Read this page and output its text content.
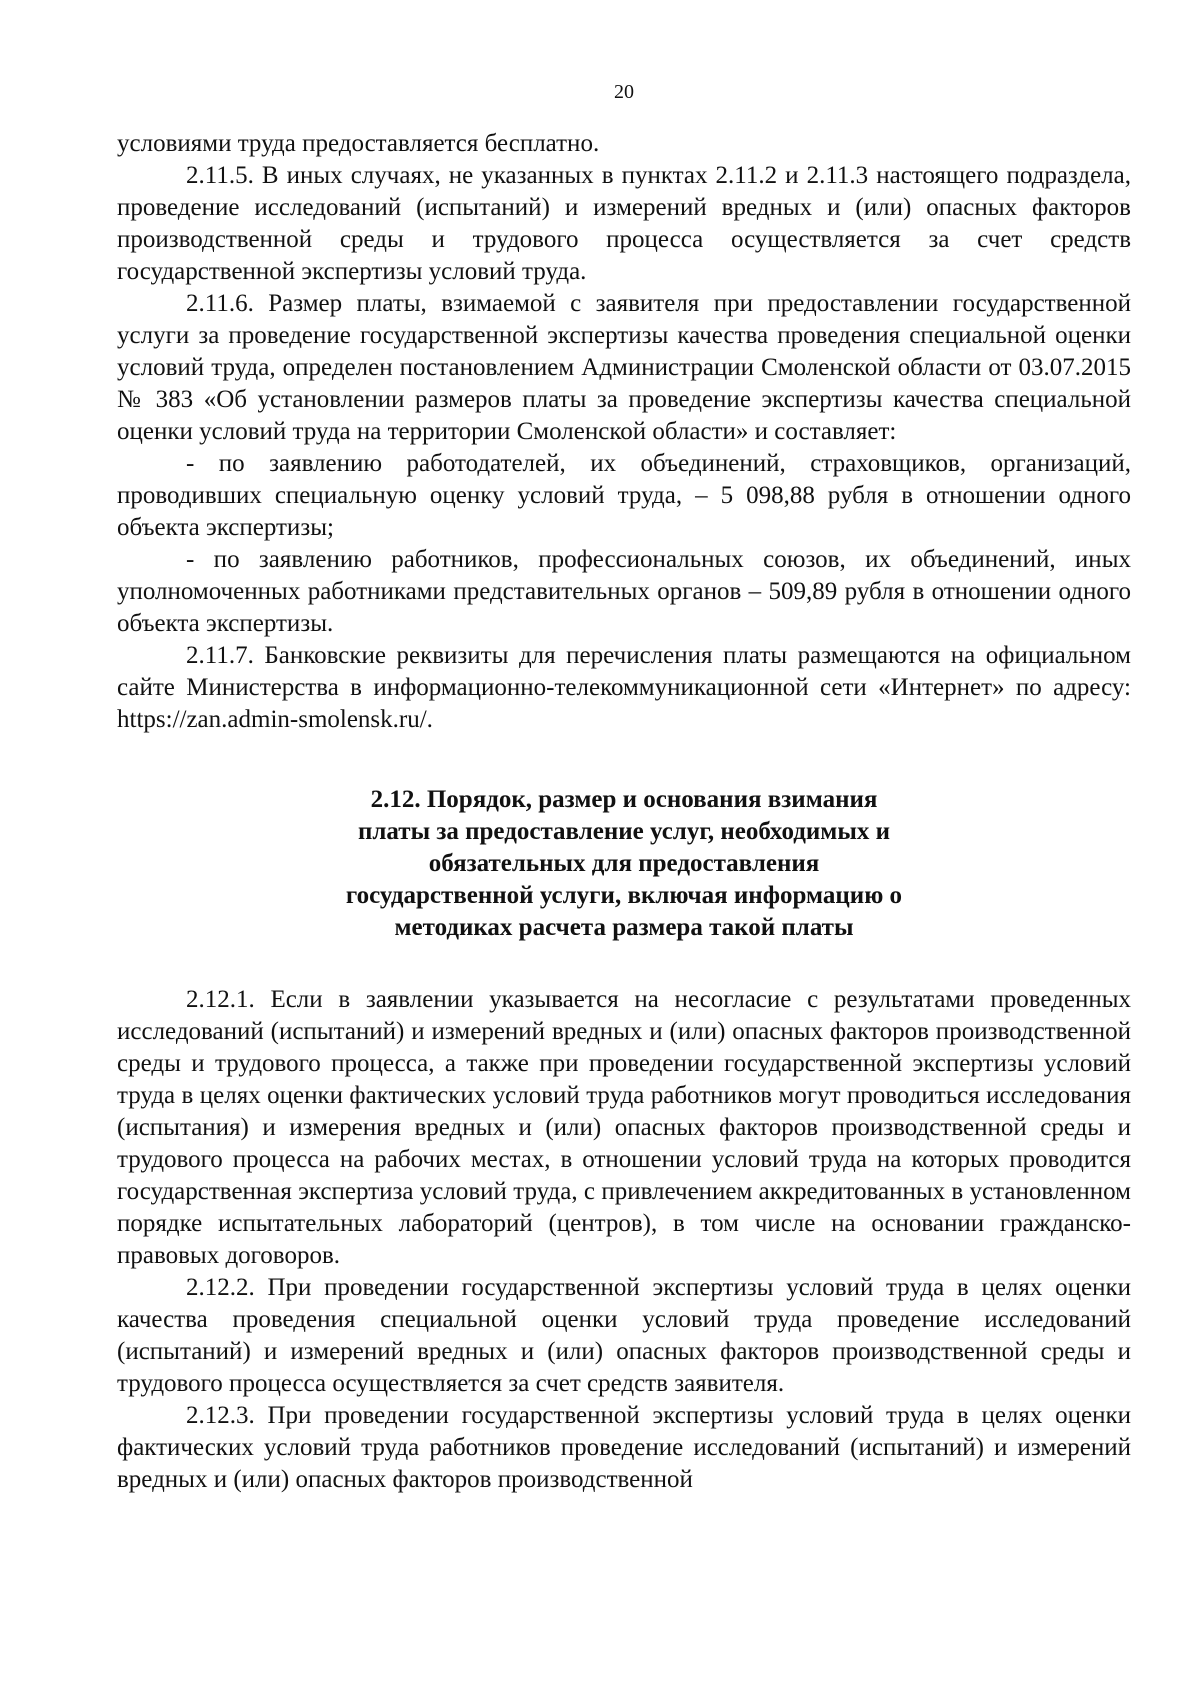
20

условиями труда предоставляется бесплатно.

2.11.5. В иных случаях, не указанных в пунктах 2.11.2 и 2.11.3 настоящего подраздела, проведение исследований (испытаний) и измерений вредных и (или) опасных факторов производственной среды и трудового процесса осуществляется за счет средств государственной экспертизы условий труда.

2.11.6. Размер платы, взимаемой с заявителя при предоставлении государственной услуги за проведение государственной экспертизы качества проведения специальной оценки условий труда, определен постановлением Администрации Смоленской области от 03.07.2015 № 383 «Об установлении размеров платы за проведение экспертизы качества специальной оценки условий труда на территории Смоленской области» и составляет:

- по заявлению работодателей, их объединений, страховщиков, организаций, проводивших специальную оценку условий труда, – 5 098,88 рубля в отношении одного объекта экспертизы;

- по заявлению работников, профессиональных союзов, их объединений, иных уполномоченных работниками представительных органов – 509,89 рубля в отношении одного объекта экспертизы.

2.11.7. Банковские реквизиты для перечисления платы размещаются на официальном сайте Министерства в информационно-телекоммуникационной сети «Интернет» по адресу: https://zan.admin-smolensk.ru/.

2.12. Порядок, размер и основания взимания
платы за предоставление услуг, необходимых и
обязательных для предоставления
государственной услуги, включая информацию о
методиках расчета размера такой платы

2.12.1. Если в заявлении указывается на несогласие с результатами проведенных исследований (испытаний) и измерений вредных и (или) опасных факторов производственной среды и трудового процесса, а также при проведении государственной экспертизы условий труда в целях оценки фактических условий труда работников могут проводиться исследования (испытания) и измерения вредных и (или) опасных факторов производственной среды и трудового процесса на рабочих местах, в отношении условий труда на которых проводится государственная экспертиза условий труда, с привлечением аккредитованных в установленном порядке испытательных лабораторий (центров), в том числе на основании гражданско-правовых договоров.

2.12.2. При проведении государственной экспертизы условий труда в целях оценки качества проведения специальной оценки условий труда проведение исследований (испытаний) и измерений вредных и (или) опасных факторов производственной среды и трудового процесса осуществляется за счет средств заявителя.

2.12.3. При проведении государственной экспертизы условий труда в целях оценки фактических условий труда работников проведение исследований (испытаний) и измерений вредных и (или) опасных факторов производственной
